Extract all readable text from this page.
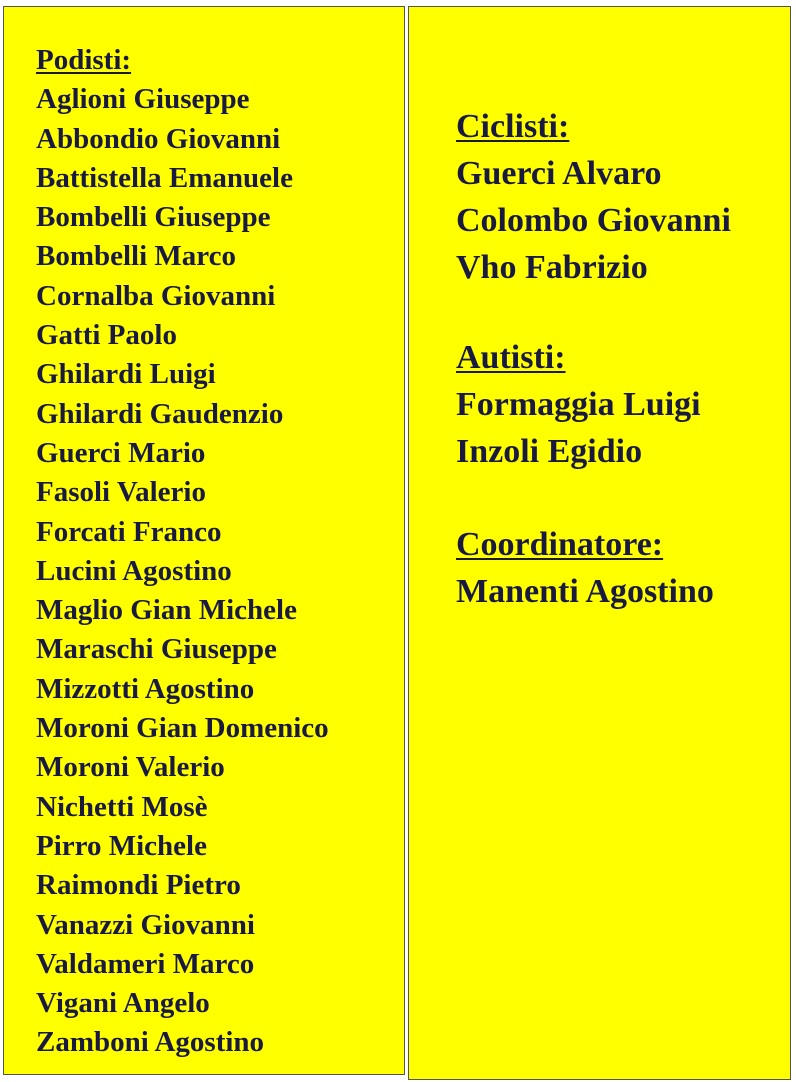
Podisti:
Aglioni Giuseppe
Abbondio Giovanni
Battistella Emanuele
Bombelli Giuseppe
Bombelli Marco
Cornalba Giovanni
Gatti Paolo
Ghilardi Luigi
Ghilardi Gaudenzio
Guerci Mario
Fasoli Valerio
Forcati Franco
Lucini Agostino
Maglio Gian Michele
Maraschi Giuseppe
Mizzotti Agostino
Moroni Gian Domenico
Moroni Valerio
Nichetti Mosè
Pirro Michele
Raimondi Pietro
Vanazzi Giovanni
Valdameri Marco
Vigani Angelo
Zamboni Agostino
Ciclisti:
Guerci Alvaro
Colombo Giovanni
Vho Fabrizio
Autisti:
Formaggia Luigi
Inzoli Egidio
Coordinatore:
Manenti Agostino
